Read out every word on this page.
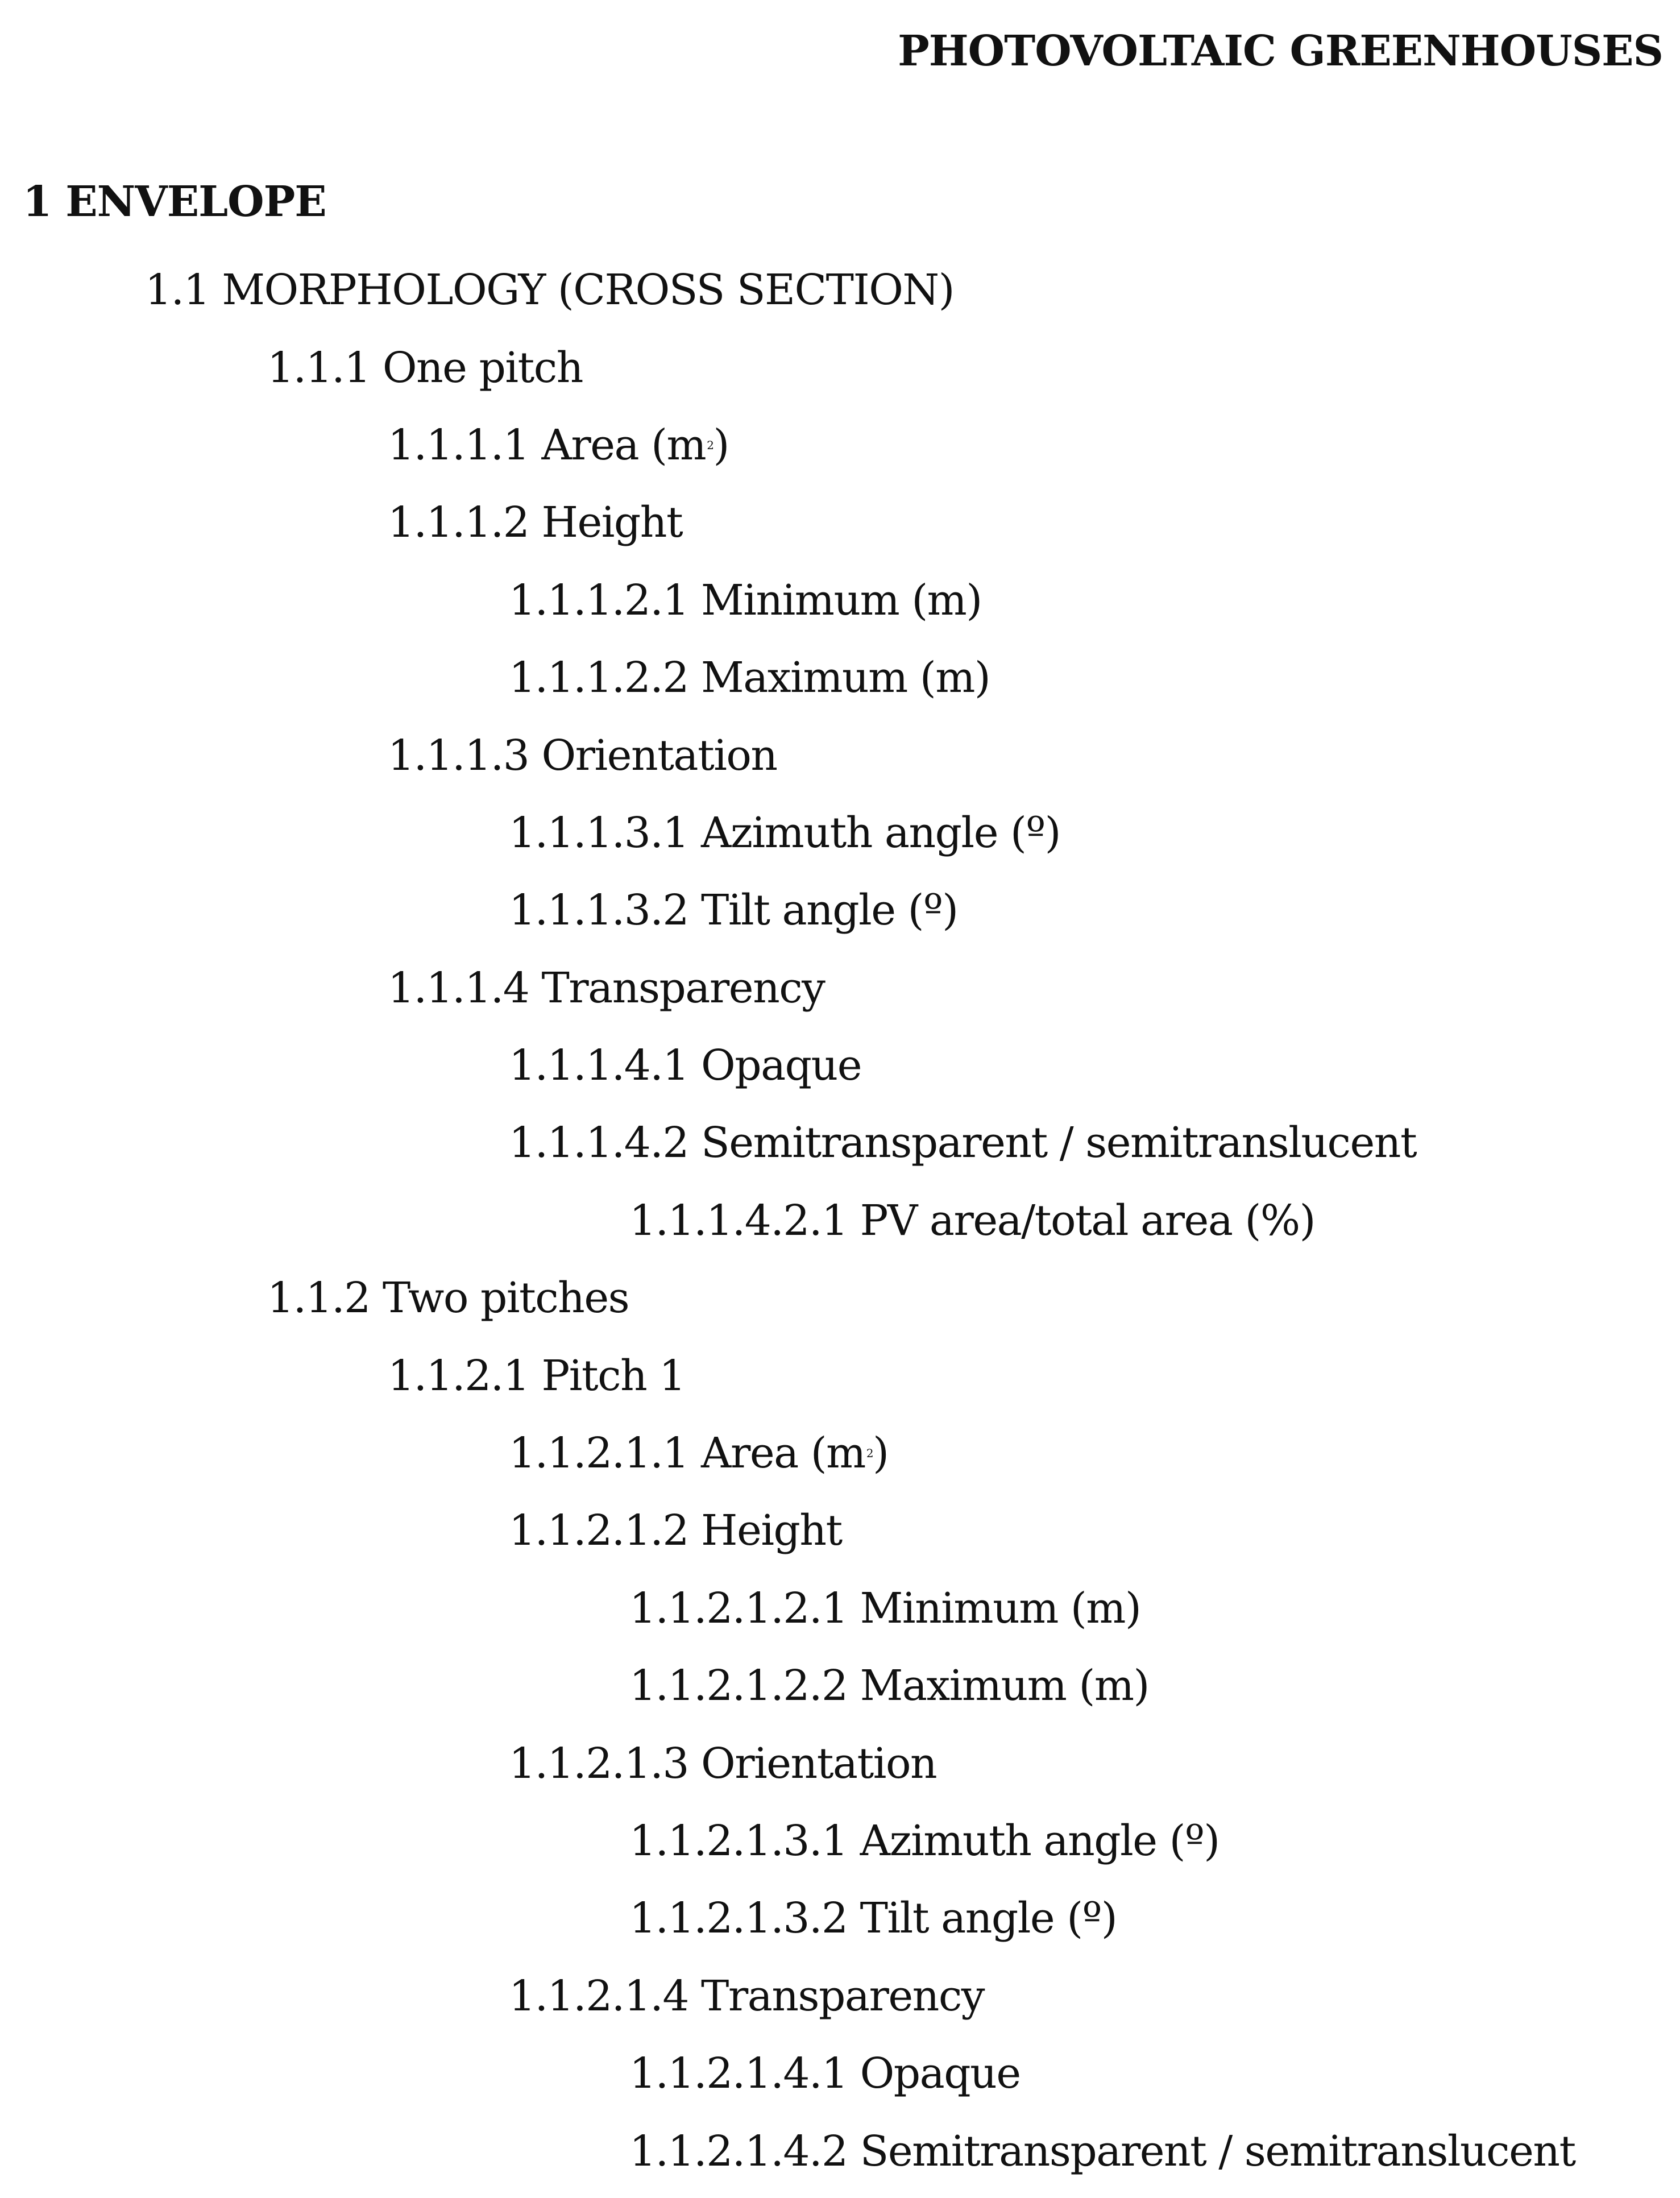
PHOTOVOLTAIC GREENHOUSES
1 ENVELOPE
1.1
MORPHOLOGY (CROSS SECTION)
1.1.1
One pitch
1.1.1.1
Area (m 2 )
1.1.1.2
Height
1.1.1.2.1
Minimum (m)
1.1.1.2.2
Maximum (m)
1.1.1.3
Orientation
1.1.1.3.1
Azimuth angle (º)
1.1.1.3.2
Tilt angle (º)
1.1.1.4
Transparency
1.1.1.4.1
Opaque
1.1.1.4.2
Semitransparent / semitranslucent
1.1.1.4.2.1
PV area/total area (%)
1.1.2
Two pitches
1.1.2.1
Pitch 1
1.1.2.1.1
Area (m 2 )
1.1.2.1.2
Height
1.1.2.1.2.1
Minimum (m)
1.1.2.1.2.2
Maximum (m)
1.1.2.1.3
Orientation
1.1.2.1.3.1
Azimuth angle (º)
1.1.2.1.3.2
Tilt angle (º)
1.1.2.1.4
Transparency
1.1.2.1.4.1
Opaque
1.1.2.1.4.2
Semitransparent / semitranslucent
